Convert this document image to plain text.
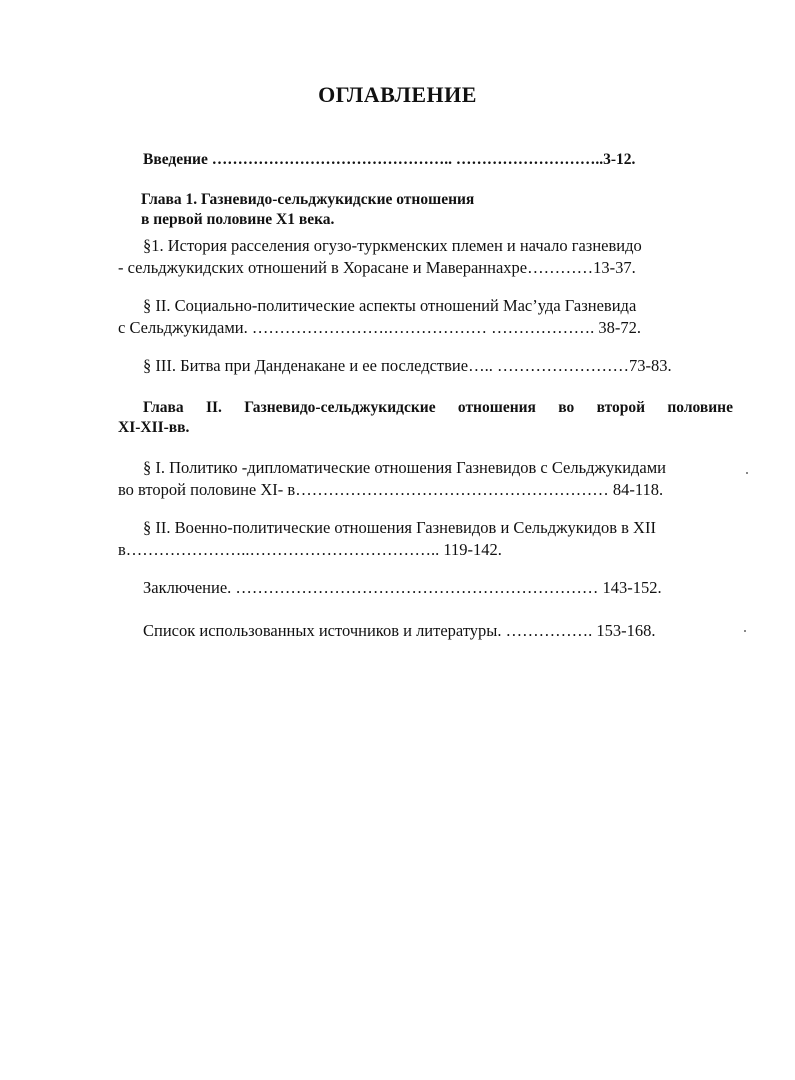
ОГЛАВЛЕНИЕ
Введение ……………………………………….. ………………………..3-12.
Глава 1. Газневидо-сельджукидские отношения
в первой половине X1 века.
§1. История расселения огузо-туркменских племен и начало газневидо
- сельджукидских отношений в Хорасане и Мавераннахре…………13-37.
§ II. Социально-политические аспекты отношений Мас’уда Газневида
с Сельджукидами. …………………….……………… ………………. 38-72.
§ III. Битва при Данденакане и ее последствие….. ……………………73-83.
Глава II. Газневидо-сельджукидские отношения во второй половине
XI-XII-вв.
§ I. Политико -дипломатические отношения Газневидов с Сельджукидами
во второй половине XI- в………………………………………………… 84-118.
§ II. Военно-политические отношения Газневидов и Сельджукидов в XII
в…………………..…………………………….. 119-142.
Заключение. ………………………………………………………… 143-152.
Список использованных источников и литературы. ……………. 153-168.
